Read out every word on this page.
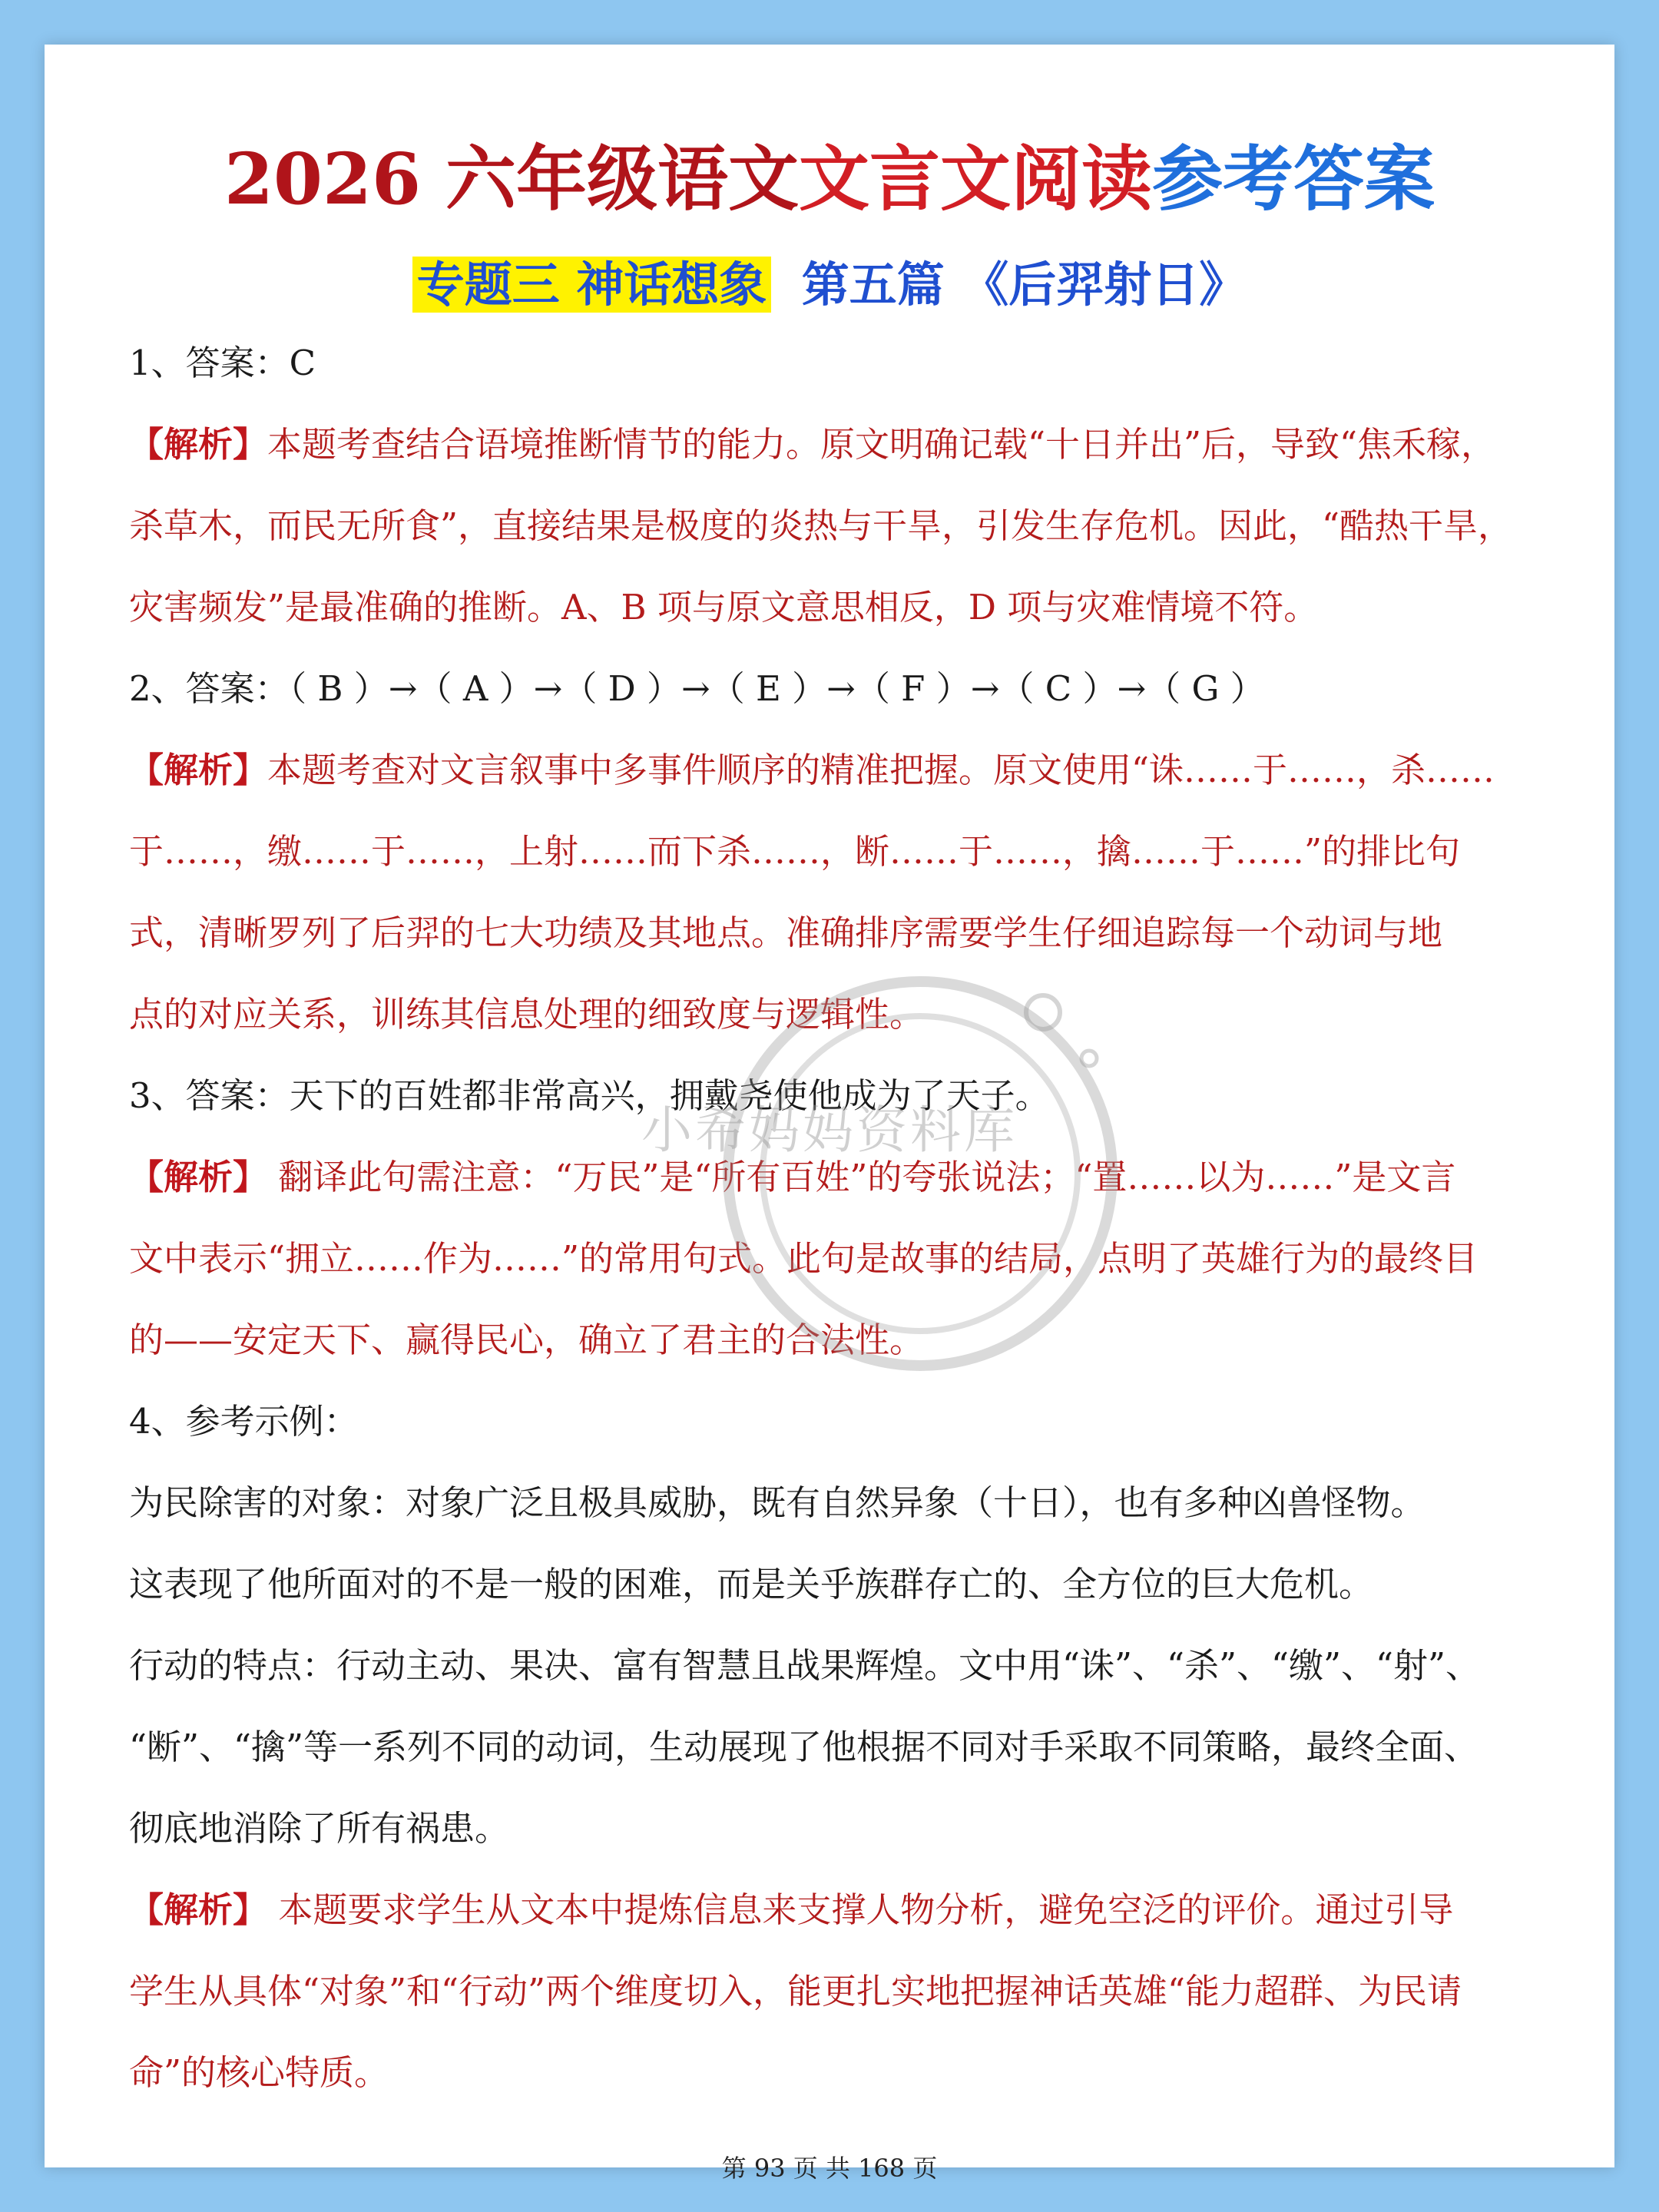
2026 六年级语文文言文阅读参考答案
专题三 神话想象 第五篇 《后羿射日》
1、答案：C
【解析】本题考查结合语境推断情节的能力。原文明确记载“十日并出”后，导致“焦禾稼，
杀草木，而民无所食”，直接结果是极度的炎热与干旱，引发生存危机。因此，“酷热干旱，
灾害频发”是最准确的推断。A、B 项与原文意思相反，D 项与灾难情境不符。
2、答案：（ B ）→（ A ）→（ D ）→（ E ）→（ F ）→（ C ）→（ G ）
【解析】本题考查对文言叙事中多事件顺序的精准把握。原文使用“诛……于……，杀……
于……，缴……于……，上射……而下杀……，断……于……，擒……于……”的排比句
式，清晰罗列了后羿的七大功绩及其地点。准确排序需要学生仔细追踪每一个动词与地
点的对应关系，训练其信息处理的细致度与逻辑性。
3、答案：天下的百姓都非常高兴，拥戴尧使他成为了天子。
【解析】 翻译此句需注意：“万民”是“所有百姓”的夸张说法；“置……以为……”是文言
文中表示“拥立……作为……”的常用句式。此句是故事的结局，点明了英雄行为的最终目
的——安定天下、赢得民心，确立了君主的合法性。
4、参考示例：
为民除害的对象：对象广泛且极具威胁，既有自然异象（十日），也有多种凶兽怪物。
这表现了他所面对的不是一般的困难，而是关乎族群存亡的、全方位的巨大危机。
行动的特点：行动主动、果决、富有智慧且战果辉煌。文中用“诛”、“杀”、“缴”、“射”、
“断”、“擒”等一系列不同的动词，生动展现了他根据不同对手采取不同策略，最终全面、
彻底地消除了所有祸患。
【解析】 本题要求学生从文本中提炼信息来支撑人物分析，避免空泛的评价。通过引导
学生从具体“对象”和“行动”两个维度切入，能更扎实地把握神话英雄“能力超群、为民请
命”的核心特质。
小希妈妈资料库
第 93 页 共 168 页
